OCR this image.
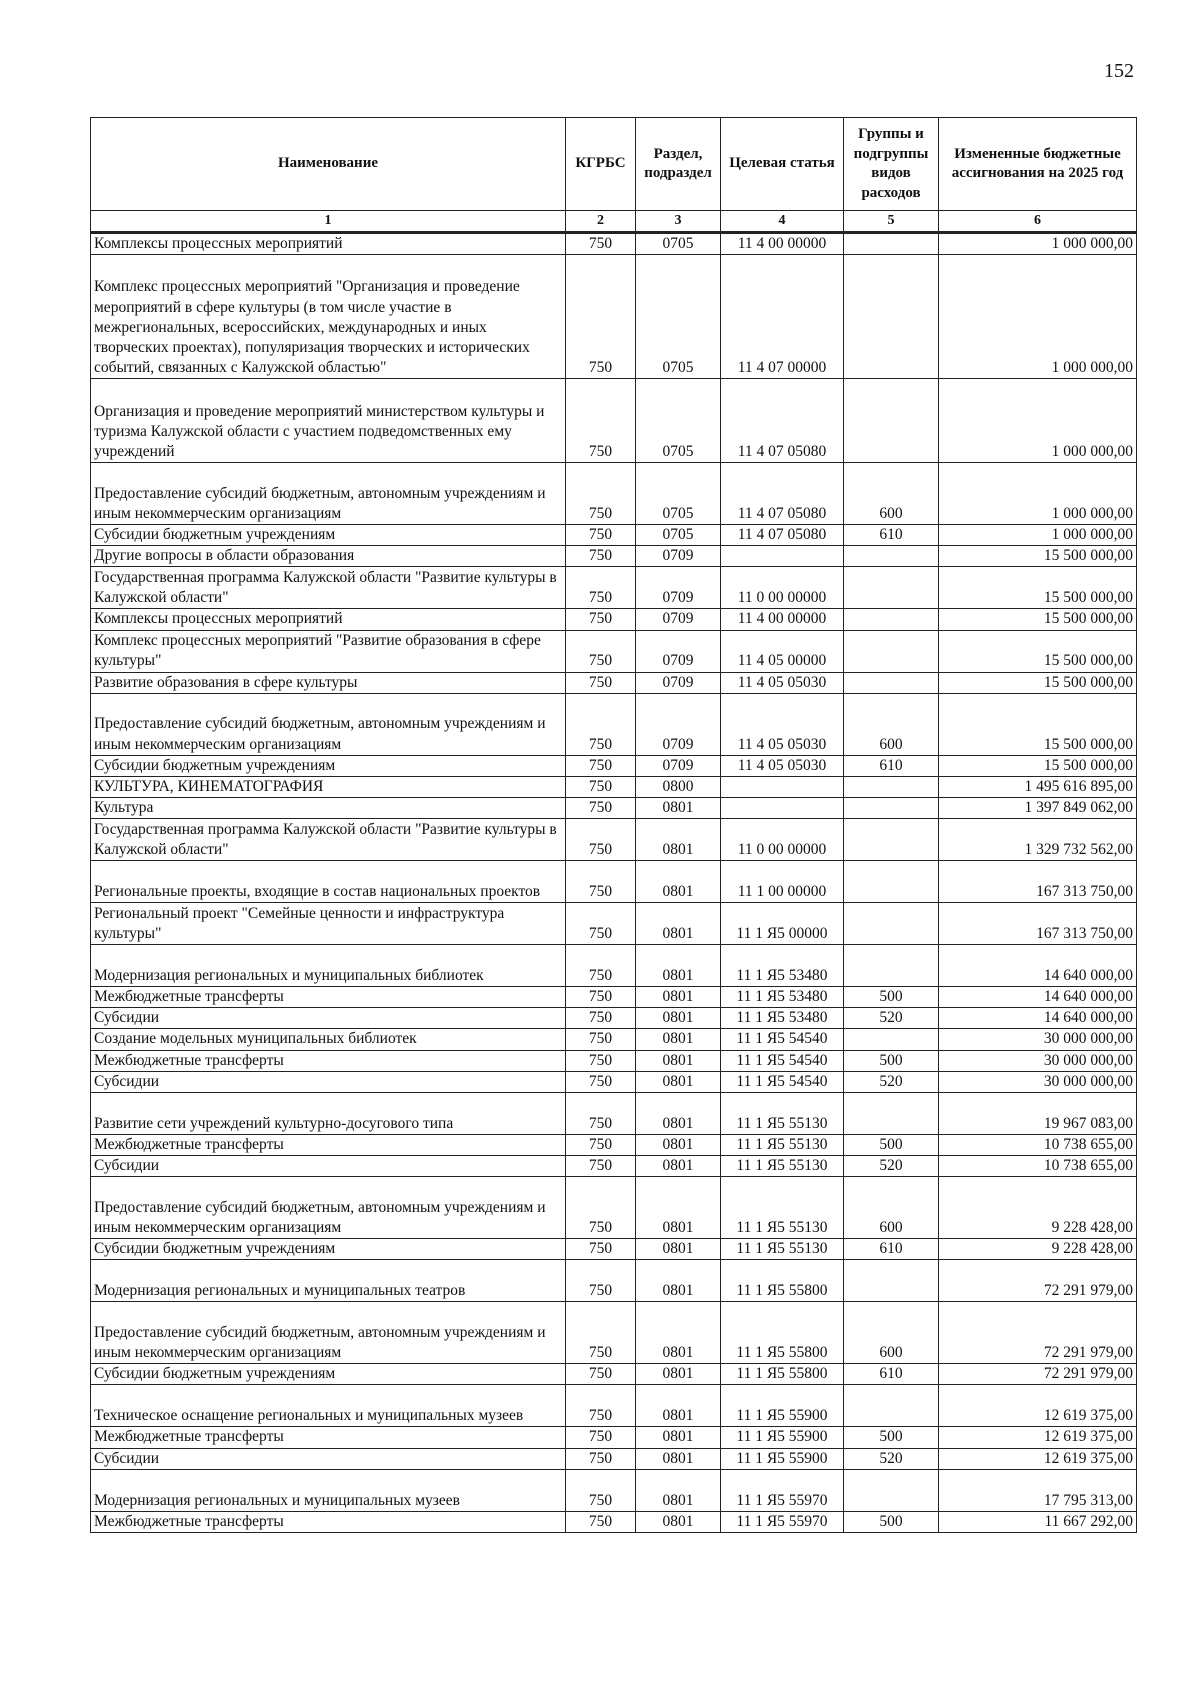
152
Наименование	КГРБС	Раздел, подраздел	Целевая статья	Группы и подгруппы видов расходов	Измененные бюджетные ассигнования на 2025 год
1	2	3	4	5	6
Комплексы процессных мероприятий	750	0705	11 4 00 00000		1 000 000,00
Комплекс процессных мероприятий "Организация и проведение мероприятий в сфере культуры (в том числе участие в межрегиональных, всероссийских, международных и иных творческих проектах), популяризация творческих и исторических событий, связанных с Калужской областью"	750	0705	11 4 07 00000		1 000 000,00
Организация и проведение мероприятий министерством культуры и туризма Калужской области с участием подведомственных ему учреждений	750	0705	11 4 07 05080		1 000 000,00
Предоставление субсидий бюджетным, автономным учреждениям и иным некоммерческим организациям	750	0705	11 4 07 05080	600	1 000 000,00
Субсидии бюджетным учреждениям	750	0705	11 4 07 05080	610	1 000 000,00
Другие вопросы в области образования	750	0709			15 500 000,00
Государственная программа Калужской области "Развитие культуры в Калужской области"	750	0709	11 0 00 00000		15 500 000,00
Комплексы процессных мероприятий	750	0709	11 4 00 00000		15 500 000,00
Комплекс процессных мероприятий "Развитие образования в сфере культуры"	750	0709	11 4 05 00000		15 500 000,00
Развитие образования в сфере культуры	750	0709	11 4 05 05030		15 500 000,00
Предоставление субсидий бюджетным, автономным учреждениям и иным некоммерческим организациям	750	0709	11 4 05 05030	600	15 500 000,00
Субсидии бюджетным учреждениям	750	0709	11 4 05 05030	610	15 500 000,00
КУЛЬТУРА, КИНЕМАТОГРАФИЯ	750	0800			1 495 616 895,00
Культура	750	0801			1 397 849 062,00
Государственная программа Калужской области "Развитие культуры в Калужской области"	750	0801	11 0 00 00000		1 329 732 562,00
Региональные проекты, входящие в состав национальных проектов	750	0801	11 1 00 00000		167 313 750,00
Региональный проект "Семейные ценности и инфраструктура культуры"	750	0801	11 1 Я5 00000		167 313 750,00
Модернизация региональных и муниципальных библиотек	750	0801	11 1 Я5 53480		14 640 000,00
Межбюджетные трансферты	750	0801	11 1 Я5 53480	500	14 640 000,00
Субсидии	750	0801	11 1 Я5 53480	520	14 640 000,00
Создание модельных муниципальных библиотек	750	0801	11 1 Я5 54540		30 000 000,00
Межбюджетные трансферты	750	0801	11 1 Я5 54540	500	30 000 000,00
Субсидии	750	0801	11 1 Я5 54540	520	30 000 000,00
Развитие сети учреждений культурно-досугового типа	750	0801	11 1 Я5 55130		19 967 083,00
Межбюджетные трансферты	750	0801	11 1 Я5 55130	500	10 738 655,00
Субсидии	750	0801	11 1 Я5 55130	520	10 738 655,00
Предоставление субсидий бюджетным, автономным учреждениям и иным некоммерческим организациям	750	0801	11 1 Я5 55130	600	9 228 428,00
Субсидии бюджетным учреждениям	750	0801	11 1 Я5 55130	610	9 228 428,00
Модернизация региональных и муниципальных театров	750	0801	11 1 Я5 55800		72 291 979,00
Предоставление субсидий бюджетным, автономным учреждениям и иным некоммерческим организациям	750	0801	11 1 Я5 55800	600	72 291 979,00
Субсидии бюджетным учреждениям	750	0801	11 1 Я5 55800	610	72 291 979,00
Техническое оснащение региональных и муниципальных музеев	750	0801	11 1 Я5 55900		12 619 375,00
Межбюджетные трансферты	750	0801	11 1 Я5 55900	500	12 619 375,00
Субсидии	750	0801	11 1 Я5 55900	520	12 619 375,00
Модернизация региональных и муниципальных музеев	750	0801	11 1 Я5 55970		17 795 313,00
Межбюджетные трансферты	750	0801	11 1 Я5 55970	500	11 667 292,00
